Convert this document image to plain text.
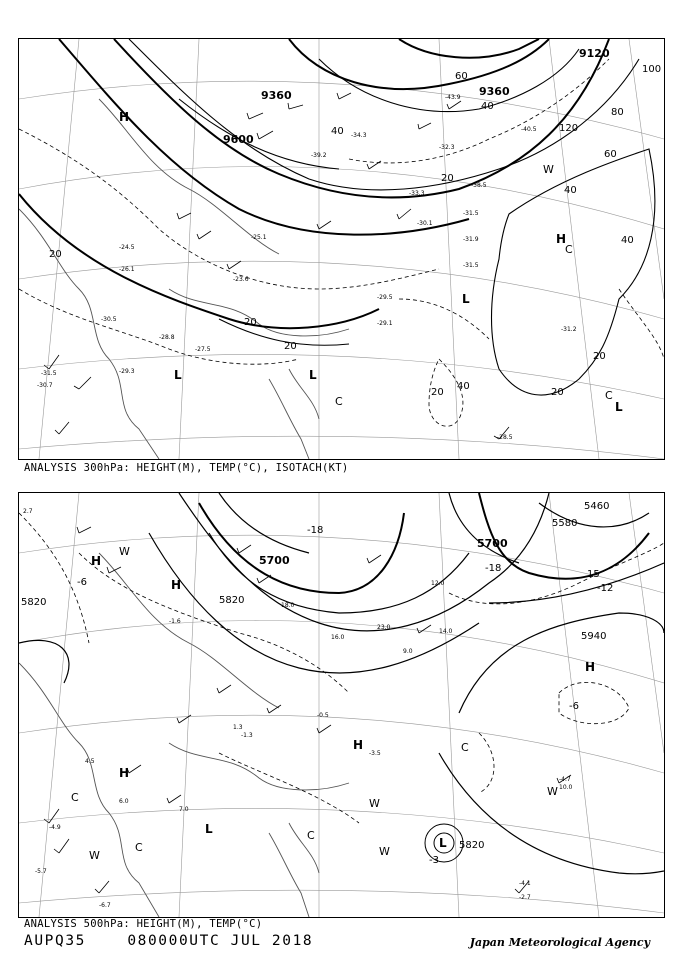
9360	9360
9600
9120
20
40
60
80
100
120
20
40
60
40
20
20
40
20
20
20
40
-29.5
-29.1
-28.5
-31.9
-31.5
-30.1
-33.3
-32.3
-38.5
-31.5
-31.2
-30.7
-31.5
-25.1
-24.5
-27.5
-26.1
-28.8
-30.5
-23.6
-29.3
-43.9
-40.5
-39.2
-34.3
H
H
L	L
L
L
C
C
C
W
ANALYSIS 300hPa: HEIGHT(M), TEMP(°C), ISOTACH(KT)
5700
5700
5580
5460
5940
5820
5820
5820
-18
-18
-12
-6
-3
-6
15
10.0
12.0
14.0
16.0
18.0
23.0
-6.7
-5.7
-4.9
-4.7
-4.1
-3.5
-2.7
-1.6
-1.3
-0.5
1.3
2.7
4.5
6.0
7.0
9.0
H
H
H
H
H
L
L
C
C
C
C
W
W
W
W
W
ANALYSIS 500hPa: HEIGHT(M), TEMP(°C)
AUPQ35	080000UTC JUL 2018	Japan Meteorological Agency
